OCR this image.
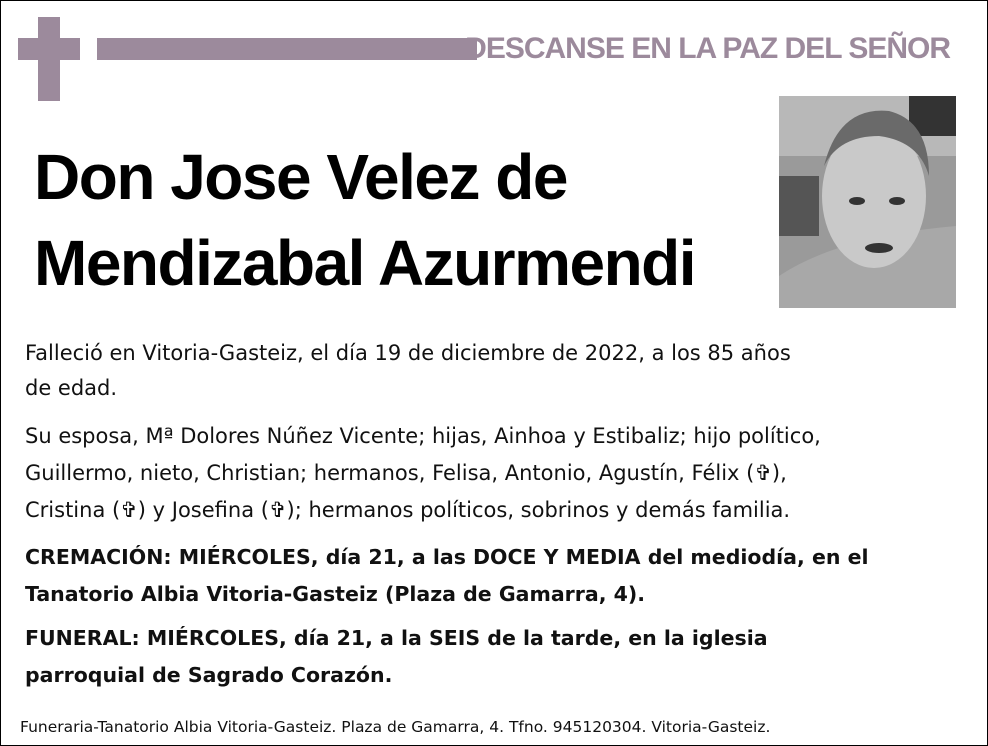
DESCANSE EN LA PAZ DEL SEÑOR
Don Jose Velez de
Mendizabal Azurmendi
Falleció en Vitoria-Gasteiz, el día 19 de diciembre de 2022, a los 85 años
de edad.
Su esposa, Mª Dolores Núñez Vicente; hijas, Ainhoa y Estibaliz; hijo político,
Guillermo, nieto, Christian; hermanos, Felisa, Antonio, Agustín, Félix (✞),
Cristina (✞) y Josefina (✞); hermanos políticos, sobrinos y demás familia.
CREMACIÓN: MIÉRCOLES, día 21, a las DOCE Y MEDIA del mediodía, en el
Tanatorio Albia Vitoria-Gasteiz (Plaza de Gamarra, 4).
FUNERAL: MIÉRCOLES, día 21, a la SEIS de la tarde, en la iglesia
parroquial de Sagrado Corazón.
Funeraria-Tanatorio Albia Vitoria-Gasteiz. Plaza de Gamarra, 4. Tfno. 945120304. Vitoria-Gasteiz.
